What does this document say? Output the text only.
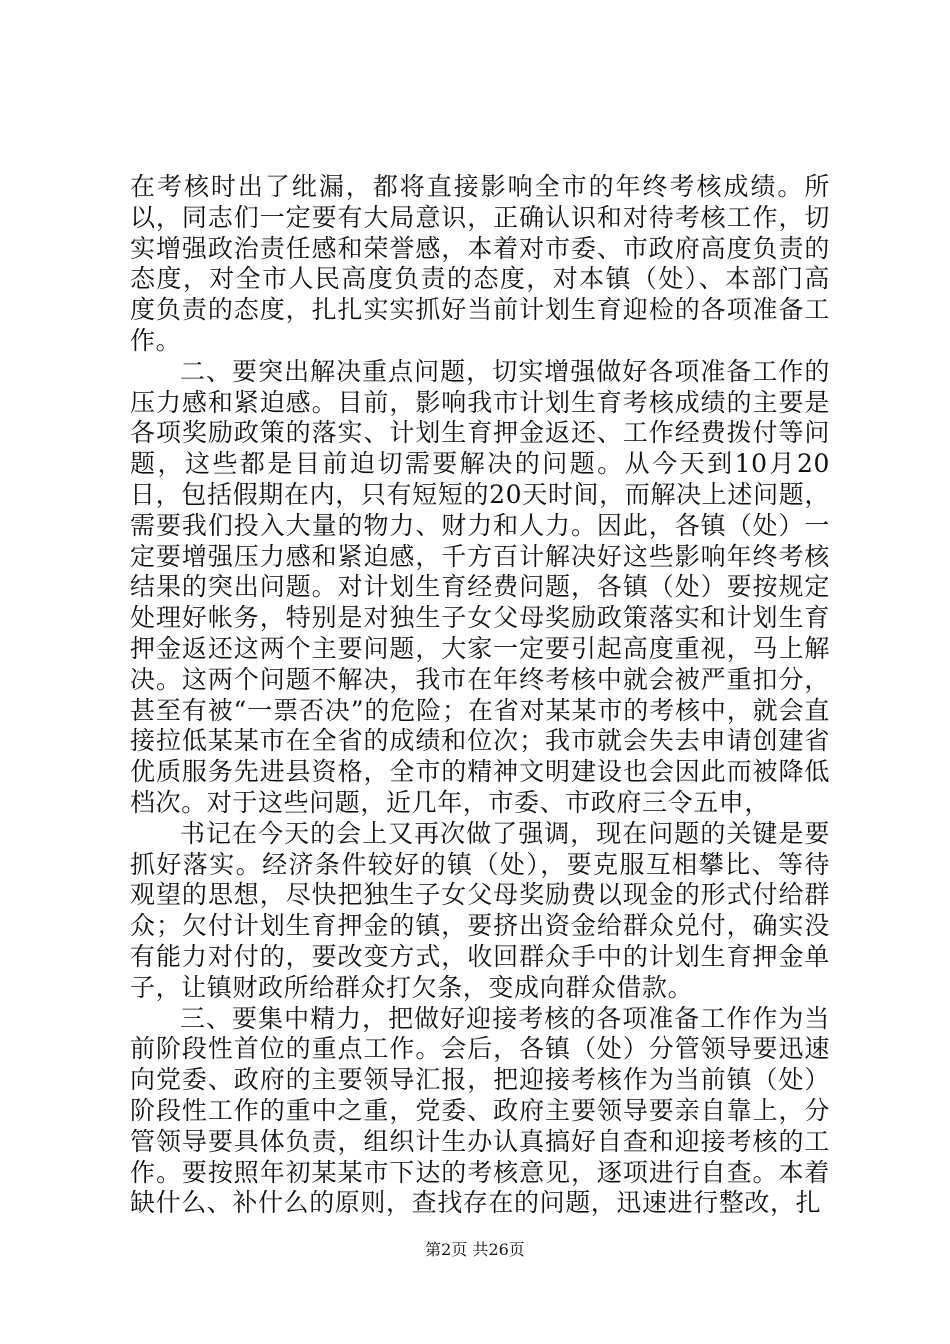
在考核时出了纰漏，都将直接影响全市的年终考核成绩。所以，同志们一定要有大局意识，正确认识和对待考核工作，切实增强政治责任感和荣誉感，本着对市委、市政府高度负责的态度，对全市人民高度负责的态度，对本镇（处）、本部门高度负责的态度，扎扎实实抓好当前计划生育迎检的各项准备工作。

二、要突出解决重点问题，切实增强做好各项准备工作的压力感和紧迫感。目前，影响我市计划生育考核成绩的主要是各项奖励政策的落实、计划生育押金返还、工作经费拨付等问题，这些都是目前迫切需要解决的问题。从今天到10月20日，包括假期在内，只有短短的20天时间，而解决上述问题，需要我们投入大量的物力、财力和人力。因此，各镇（处）一定要增强压力感和紧迫感，千方百计解决好这些影响年终考核结果的突出问题。对计划生育经费问题，各镇（处）要按规定处理好帐务，特别是对独生子女父母奖励政策落实和计划生育押金返还这两个主要问题，大家一定要引起高度重视，马上解决。这两个问题不解决，我市在年终考核中就会被严重扣分，甚至有被“一票否决”的危险；在省对某某市的考核中，就会直接拉低某某市在全省的成绩和位次；我市就会失去申请创建省优质服务先进县资格，全市的精神文明建设也会因此而被降低档次。对于这些问题，近几年，市委、市政府三令五申，

书记在今天的会上又再次做了强调，现在问题的关键是要抓好落实。经济条件较好的镇（处），要克服互相攀比、等待观望的思想，尽快把独生子女父母奖励费以现金的形式付给群众；欠付计划生育押金的镇，要挤出资金给群众兑付，确实没有能力对付的，要改变方式，收回群众手中的计划生育押金单子，让镇财政所给群众打欠条，变成向群众借款。

三、要集中精力，把做好迎接考核的各项准备工作作为当前阶段性首位的重点工作。会后，各镇（处）分管领导要迅速向党委、政府的主要领导汇报，把迎接考核作为当前镇（处）阶段性工作的重中之重，党委、政府主要领导要亲自靠上，分管领导要具体负责，组织计生办认真搞好自查和迎接考核的工作。要按照年初某某市下达的考核意见，逐项进行自查。本着缺什么、补什么的原则，查找存在的问题，迅速进行整改，扎

第2页 共26页
